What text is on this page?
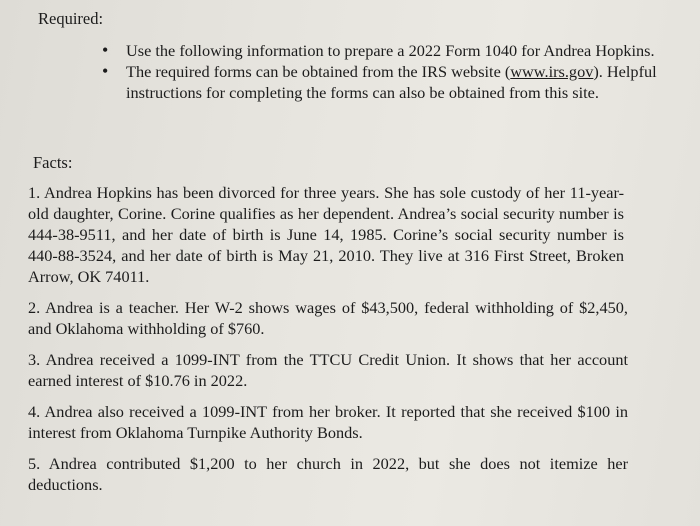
Required:
• Use the following information to prepare a 2022 Form 1040 for Andrea Hopkins.
• The required forms can be obtained from the IRS website (www.irs.gov). Helpful instructions for completing the forms can also be obtained from this site.
Facts:

1. Andrea Hopkins has been divorced for three years. She has sole custody of her 11-year-old daughter, Corine. Corine qualifies as her dependent. Andrea’s social security number is 444-38-9511, and her date of birth is June 14, 1985. Corine’s social security number is 440-88-3524, and her date of birth is May 21, 2010. They live at 316 First Street, Broken Arrow, OK 74011.

2. Andrea is a teacher. Her W-2 shows wages of $43,500, federal withholding of $2,450, and Oklahoma withholding of $760.

3. Andrea received a 1099-INT from the TTCU Credit Union. It shows that her account earned interest of $10.76 in 2022.

4. Andrea also received a 1099-INT from her broker. It reported that she received $100 in interest from Oklahoma Turnpike Authority Bonds.

5. Andrea contributed $1,200 to her church in 2022, but she does not itemize her deductions.
